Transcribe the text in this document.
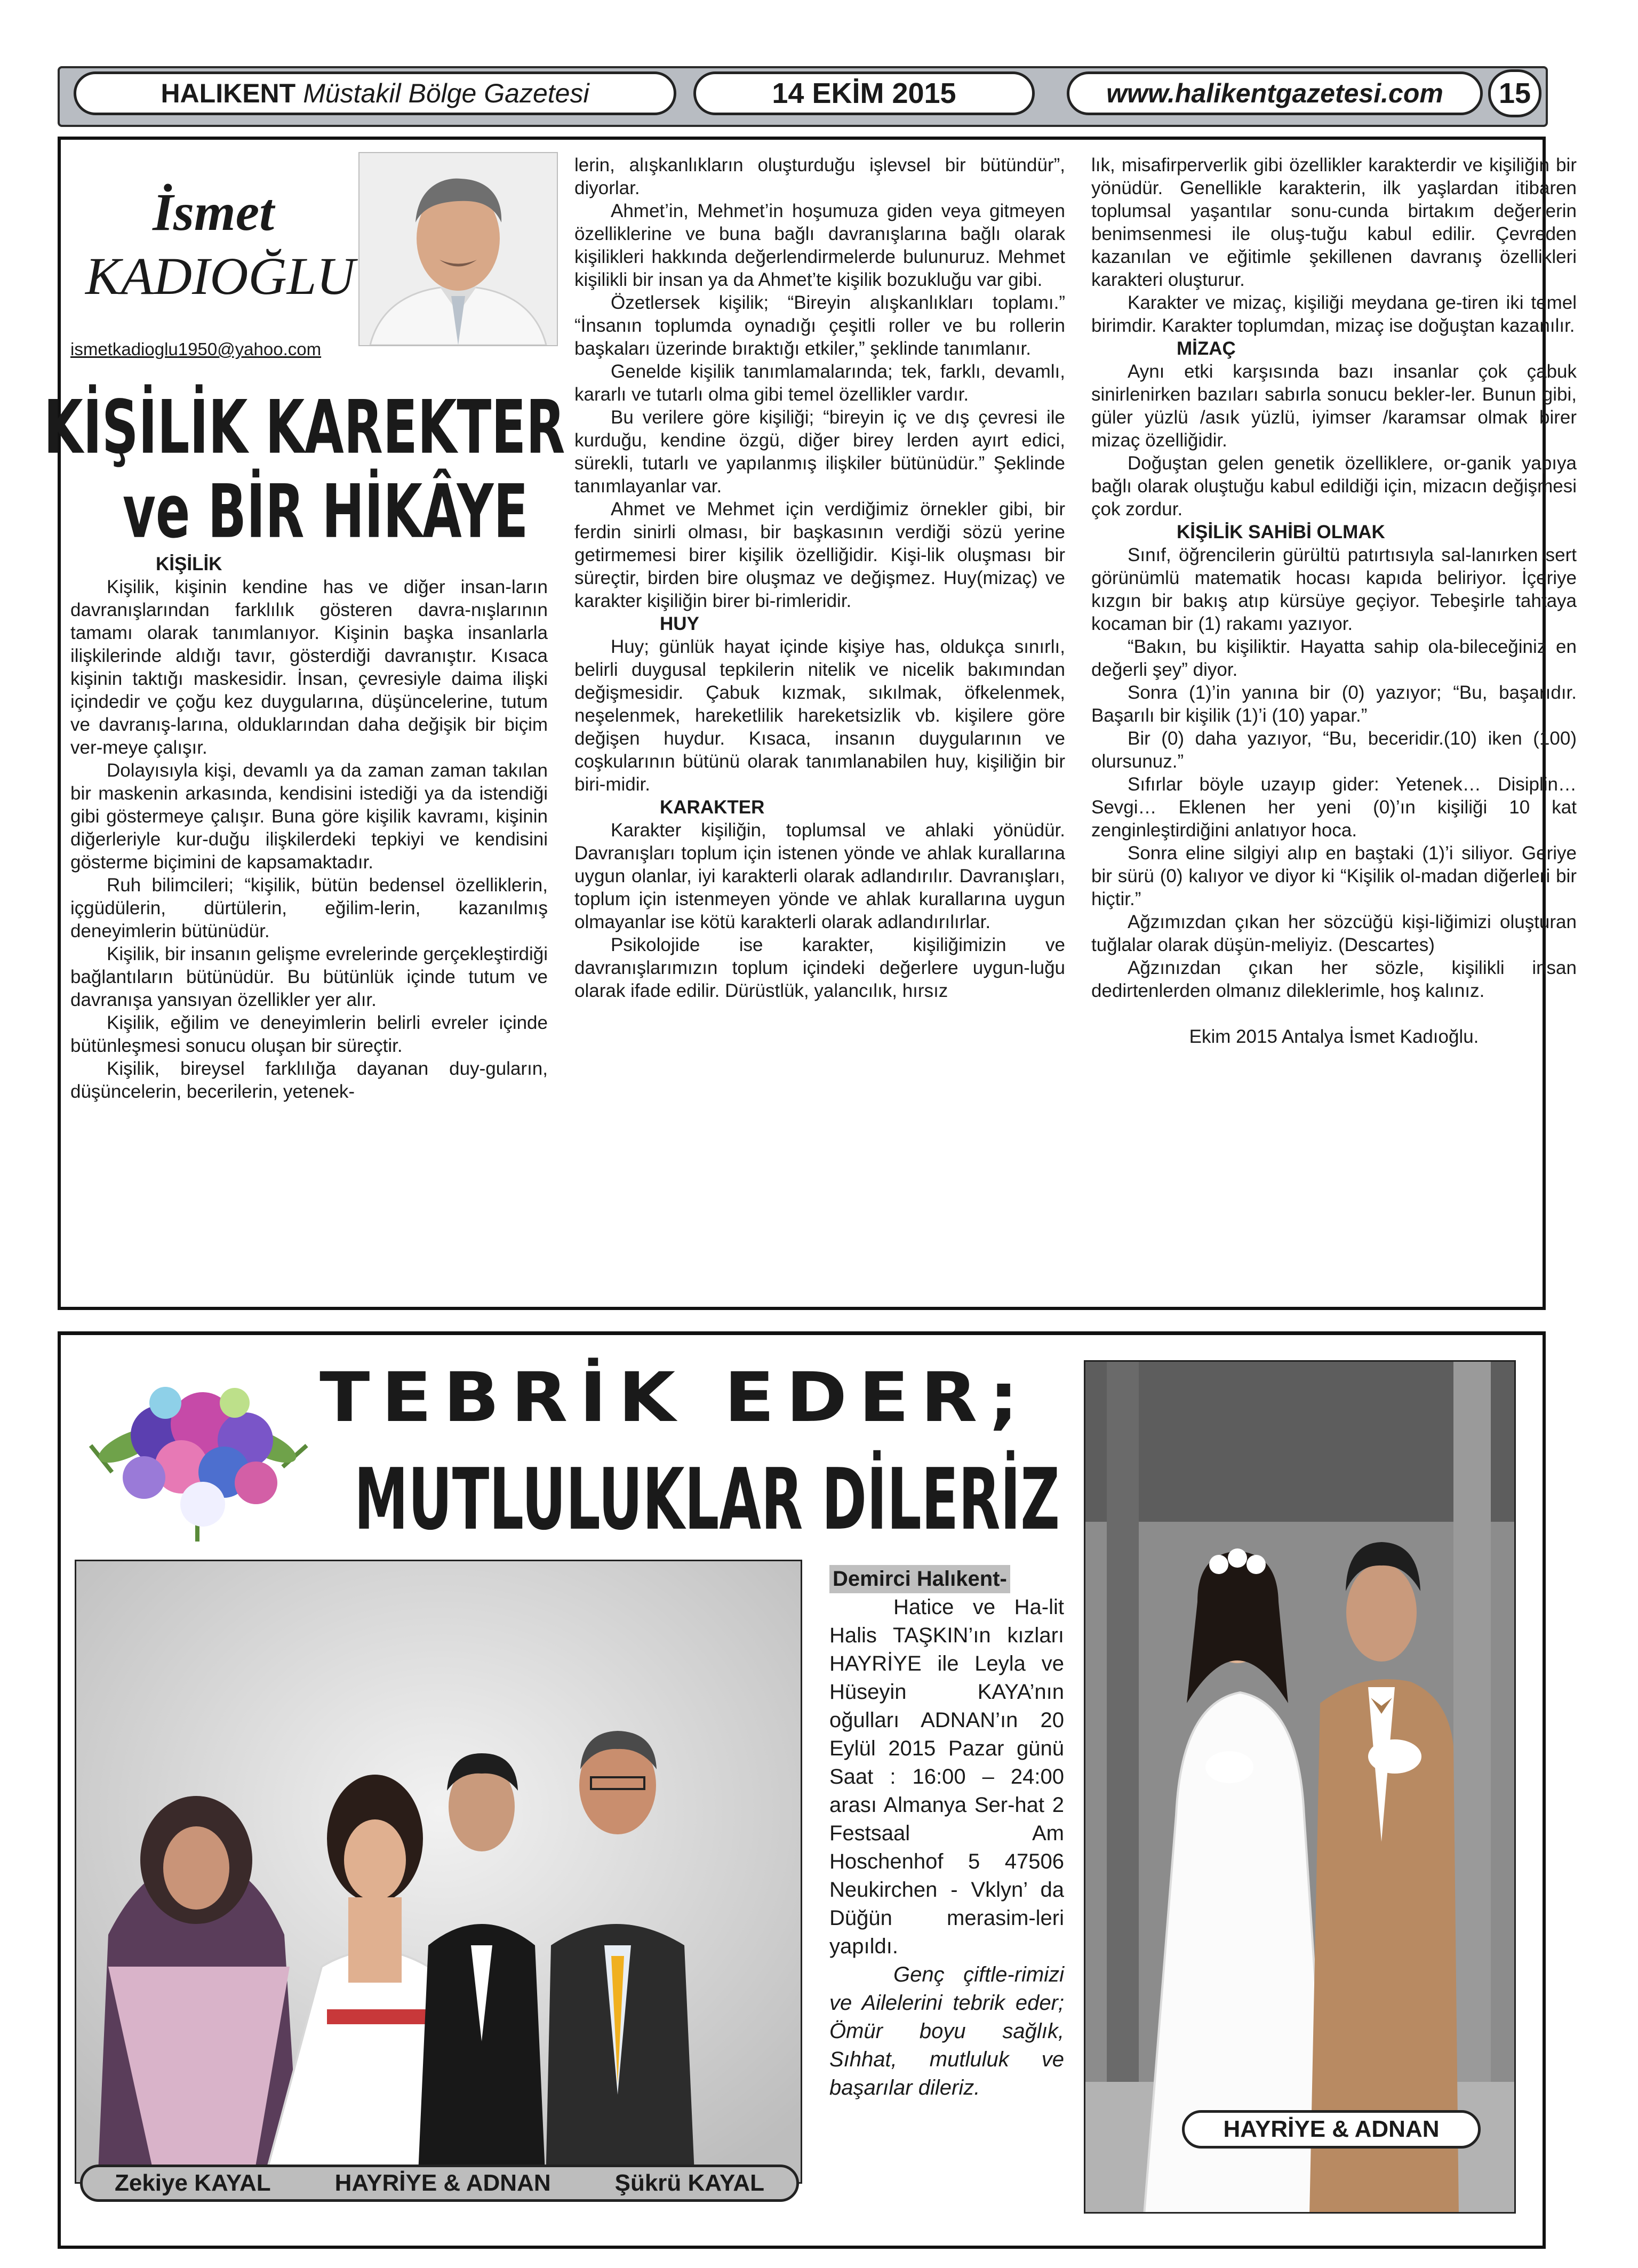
HALIKENT Müstakil Bölge Gazetesi	14 EKİM 2015	www.halikentgazetesi.com	15
İsmet
KADIOĞLU
ismetkadioglu1950@yahoo.com
KİŞİLİK KAREKTER
ve BİR HİKÂYE

KİŞİLİK

Kişilik, kişinin kendine has ve diğer insan-ların davranışlarından farklılık gösteren davra-nışlarının tamamı olarak tanımlanıyor. Kişinin başka insanlarla ilişkilerinde aldığı tavır, gösterdiği davranıştır. Kısaca kişinin taktığı maskesidir. İnsan, çevresiyle daima ilişki içindedir ve çoğu kez duygularına, düşüncelerine, tutum ve davranış-larına, olduklarından daha değişik bir biçim ver-meye çalışır.

Dolayısıyla kişi, devamlı ya da zaman zaman takılan bir maskenin arkasında, kendisini istediği ya da istendiği gibi göstermeye çalışır. Buna göre kişilik kavramı, kişinin diğerleriyle kur-duğu ilişkilerdeki tepkiyi ve kendisini gösterme biçimini de kapsamaktadır.

Ruh bilimcileri; “kişilik, bütün bedensel özelliklerin, içgüdülerin, dürtülerin, eğilim-lerin, kazanılmış deneyimlerin bütünüdür.

Kişilik, bir insanın gelişme evrelerinde gerçekleştirdiği bağlantıların bütünüdür. Bu bütünlük içinde tutum ve davranışa yansıyan özellikler yer alır.

Kişilik, eğilim ve deneyimlerin belirli evreler içinde bütünleşmesi sonucu oluşan bir süreçtir.

Kişilik, bireysel farklılığa dayanan duy-guların, düşüncelerin, becerilerin, yetenek-

lerin, alışkanlıkların oluşturduğu işlevsel bir bütündür”, diyorlar.

Ahmet’in, Mehmet’in hoşumuza giden veya gitmeyen özelliklerine ve buna bağlı davranışlarına bağlı olarak kişilikleri hakkında değerlendirmelerde bulunuruz. Mehmet kişilikli bir insan ya da Ahmet’te kişilik bozukluğu var gibi.

Özetlersek kişilik; “Bireyin alışkanlıkları toplamı.” “İnsanın toplumda oynadığı çeşitli roller ve bu rollerin başkaları üzerinde bıraktığı etkiler,” şeklinde tanımlanır.

Genelde kişilik tanımlamalarında; tek, farklı, devamlı, kararlı ve tutarlı olma gibi temel özellikler vardır.

Bu verilere göre kişiliği; “bireyin iç ve dış çevresi ile kurduğu, kendine özgü, diğer birey lerden ayırt edici, sürekli, tutarlı ve yapılanmış ilişkiler bütünüdür.” Şeklinde tanımlayanlar var.

Ahmet ve Mehmet için verdiğimiz örnekler gibi, bir ferdin sinirli olması, bir başkasının verdiği sözü yerine getirmemesi birer kişilik özelliğidir. Kişi-lik oluşması bir süreçtir, birden bire oluşmaz ve değişmez. Huy(mizaç) ve karakter kişiliğin birer bi-rimleridir.

HUY

Huy; günlük hayat içinde kişiye has, oldukça sınırlı, belirli duygusal tepkilerin nitelik ve nicelik bakımından değişmesidir. Çabuk kızmak, sıkılmak, öfkelenmek, neşelenmek, hareketlilik hareketsizlik vb. kişilere göre değişen huydur. Kısaca, insanın duygularının ve coşkularının bütünü olarak tanımlanabilen huy, kişiliğin bir biri-midir.

KARAKTER

Karakter kişiliğin, toplumsal ve ahlaki yönüdür. Davranışları toplum için istenen yönde ve ahlak kurallarına uygun olanlar, iyi karakterli olarak adlandırılır. Davranışları, toplum için istenmeyen yönde ve ahlak kurallarına uygun olmayanlar ise kötü karakterli olarak adlandırılırlar.

Psikolojide ise karakter, kişiliğimizin ve davranışlarımızın toplum içindeki değerlere uygun-luğu olarak ifade edilir. Dürüstlük, yalancılık, hırsız

lık, misafirperverlik gibi özellikler karakterdir ve kişiliğin bir yönüdür. Genellikle karakterin, ilk yaşlardan itibaren toplumsal yaşantılar sonu-cunda birtakım değerlerin benimsenmesi ile oluş-tuğu kabul edilir. Çevreden kazanılan ve eğitimle şekillenen davranış özellikleri karakteri oluşturur.

Karakter ve mizaç, kişiliği meydana ge-tiren iki temel birimdir. Karakter toplumdan, mizaç ise doğuştan kazanılır.

MİZAÇ

Aynı etki karşısında bazı insanlar çok çabuk sinirlenirken bazıları sabırla sonucu bekler-ler. Bunun gibi, güler yüzlü /asık yüzlü, iyimser /karamsar olmak birer mizaç özelliğidir.

Doğuştan gelen genetik özelliklere, or-ganik yapıya bağlı olarak oluştuğu kabul edildiği için, mizacın değişmesi çok zordur.

KİŞİLİK SAHİBİ OLMAK

Sınıf, öğrencilerin gürültü patırtısıyla sal-lanırken sert görünümlü matematik hocası kapıda beliriyor. İçeriye kızgın bir bakış atıp kürsüye geçiyor. Tebeşirle tahtaya kocaman bir (1) rakamı yazıyor.

“Bakın, bu kişiliktir. Hayatta sahip ola-bileceğiniz en değerli şey” diyor.

Sonra (1)’in yanına bir (0) yazıyor; “Bu, başarıdır. Başarılı bir kişilik (1)’i (10) yapar.”

Bir (0) daha yazıyor, “Bu, beceridir.(10) iken (100) olursunuz.”

Sıfırlar böyle uzayıp gider: Yetenek… Disiplin… Sevgi… Eklenen her yeni (0)’ın kişiliği 10 kat zenginleştirdiğini anlatıyor hoca.

Sonra eline silgiyi alıp en baştaki (1)’i siliyor. Geriye bir sürü (0) kalıyor ve diyor ki “Kişilik ol-madan diğerleri bir hiçtir.”

Ağzımızdan çıkan her sözcüğü kişi-liğimizi oluşturan tuğlalar olarak düşün-meliyiz. (Descartes)

Ağzınızdan çıkan her sözle, kişilikli insan dedirtenlerden olmanız dileklerimle, hoş kalınız.

Ekim 2015 Antalya İsmet Kadıoğlu.

TEBRİK EDER;
MUTLULUKLAR DİLERİZ
Zekiye KAYAL	HAYRİYE & ADNAN	Şükrü KAYAL
HAYRİYE & ADNAN

Demirci Halıkent-

Hatice ve Ha-lit Halis TAŞKIN’ın kızları HAYRİYE ile Leyla ve Hüseyin KAYA’nın oğulları ADNAN’ın 20 Eylül 2015 Pazar günü Saat : 16:00 – 24:00 arası Almanya Ser-hat 2 Festsaal Am Hoschenhof 5 47506 Neukirchen - Vklyn’ da Düğün merasim-leri yapıldı.

Genç çiftle-rimizi ve Ailelerini tebrik eder; Ömür boyu sağlık, Sıhhat, mutluluk ve başarılar dileriz.
